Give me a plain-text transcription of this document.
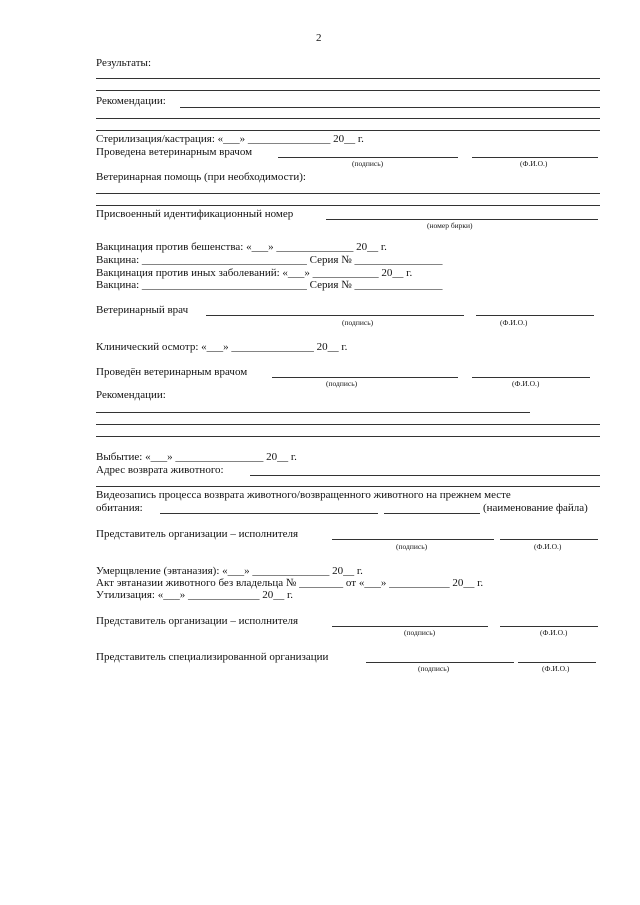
2
Результаты:
Рекомендации:
Стерилизация/кастрация: «___» _______________ 20__ г.
Проведена ветеринарным врачом
(подпись)	(Ф.И.О.)
Ветеринарная помощь (при необходимости):
Присвоенный идентификационный номер
(номер бирки)
Вакцинация против бешенства: «___» ______________ 20__ г.
Вакцина: ______________________________ Серия № ________________
Вакцинация против иных заболеваний: «___» ____________ 20__ г.
Вакцина: ______________________________ Серия № ________________
Ветеринарный врач
(подпись)	(Ф.И.О.)
Клинический осмотр: «___» _______________ 20__ г.
Проведён ветеринарным врачом
(подпись)	(Ф.И.О.)
Рекомендации:
Выбытие: «___» ________________ 20__ г.
Адрес возврата животного:
Видеозапись процесса возврата животного/возвращенного животного на прежнем месте
обитания:	(наименование файла)
Представитель организации – исполнителя
(подпись)	(Ф.И.О.)
Умерщвление (эвтаназия): «___» ______________ 20__ г.
Акт эвтаназии животного без владельца № ________ от «___» ___________ 20__ г.
Утилизация: «___» _____________ 20__ г.
Представитель организации – исполнителя
(подпись)	(Ф.И.О.)
Представитель специализированной организации
(подпись)	(Ф.И.О.)
